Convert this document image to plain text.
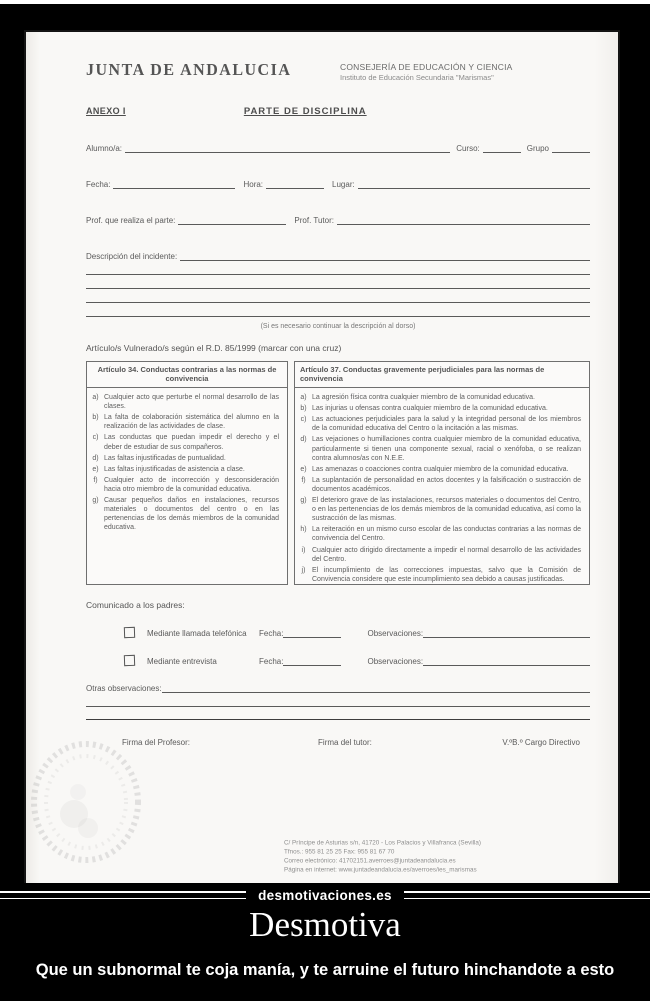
JUNTA DE ANDALUCIA	CONSEJERÍA DE EDUCACIÓN Y CIENCIA
Instituto de Educación Secundaria "Marismas"
ANEXO I	PARTE DE DISCIPLINA
Alumno/a:	Curso:	Grupo
Fecha:	Hora:	Lugar:
Prof. que realiza el parte:	Prof. Tutor:
Descripción del incidente:
(Si es necesario continuar la descripción al dorso)
Artículo/s Vulnerado/s según el R.D. 85/1999 (marcar con una cruz)
Artículo 34. Conductas contrarias a las normas de convivencia
a) Cualquier acto que perturbe el normal desarrollo de las clases.
b) La falta de colaboración sistemática del alumno en la realización de las actividades de clase.
c) Las conductas que puedan impedir el derecho y el deber de estudiar de sus compañeros.
d) Las faltas injustificadas de puntualidad.
e) Las faltas injustificadas de asistencia a clase.
f) Cualquier acto de incorrección y desconsideración hacia otro miembro de la comunidad educativa.
g) Causar pequeños daños en instalaciones, recursos materiales o documentos del centro o en las pertenencias de los demás miembros de la comunidad educativa.
Artículo 37. Conductas gravemente perjudiciales para las normas de convivencia
a) La agresión física contra cualquier miembro de la comunidad educativa.
b) Las injurias u ofensas contra cualquier miembro de la comunidad educativa.
c) Las actuaciones perjudiciales para la salud y la integridad personal de los miembros de la comunidad educativa del Centro o la incitación a las mismas.
d) Las vejaciones o humillaciones contra cualquier miembro de la comunidad educativa, particularmente si tienen una componente sexual, racial o xenófoba, o se realizan contra alumnos/as con N.E.E.
e) Las amenazas o coacciones contra cualquier miembro de la comunidad educativa.
f) La suplantación de personalidad en actos docentes y la falsificación o sustracción de documentos académicos.
g) El deterioro grave de las instalaciones, recursos materiales o documentos del Centro, o en las pertenencias de los demás miembros de la comunidad educativa, así como la sustracción de las mismas.
h) La reiteración en un mismo curso escolar de las conductas contrarias a las normas de convivencia del Centro.
i) Cualquier acto dirigido directamente a impedir el normal desarrollo de las actividades del Centro.
j) El incumplimiento de las correcciones impuestas, salvo que la Comisión de Convivencia considere que este incumplimiento sea debido a causas justificadas.
Comunicado a los padres:
Mediante llamada telefónica	Fecha:	Observaciones:
Mediante entrevista	Fecha:	Observaciones:
Otras observaciones:
Firma del Profesor:	Firma del tutor:	V.ºB.º Cargo Directivo
C/ Príncipe de Asturias s/n, 41720 - Los Palacios y Villafranca (Sevilla)
Tfnos.: 955 81 25 25 Fax: 955 81 67 70
Correo electrónico: 41702151.averroes@juntadeandalucia.es
Página en internet: www.juntadeandalucia.es/averroes/ies_marismas
desmotivaciones.es
Desmotiva
Que un subnormal te coja manía, y te arruine el futuro hinchandote a esto
